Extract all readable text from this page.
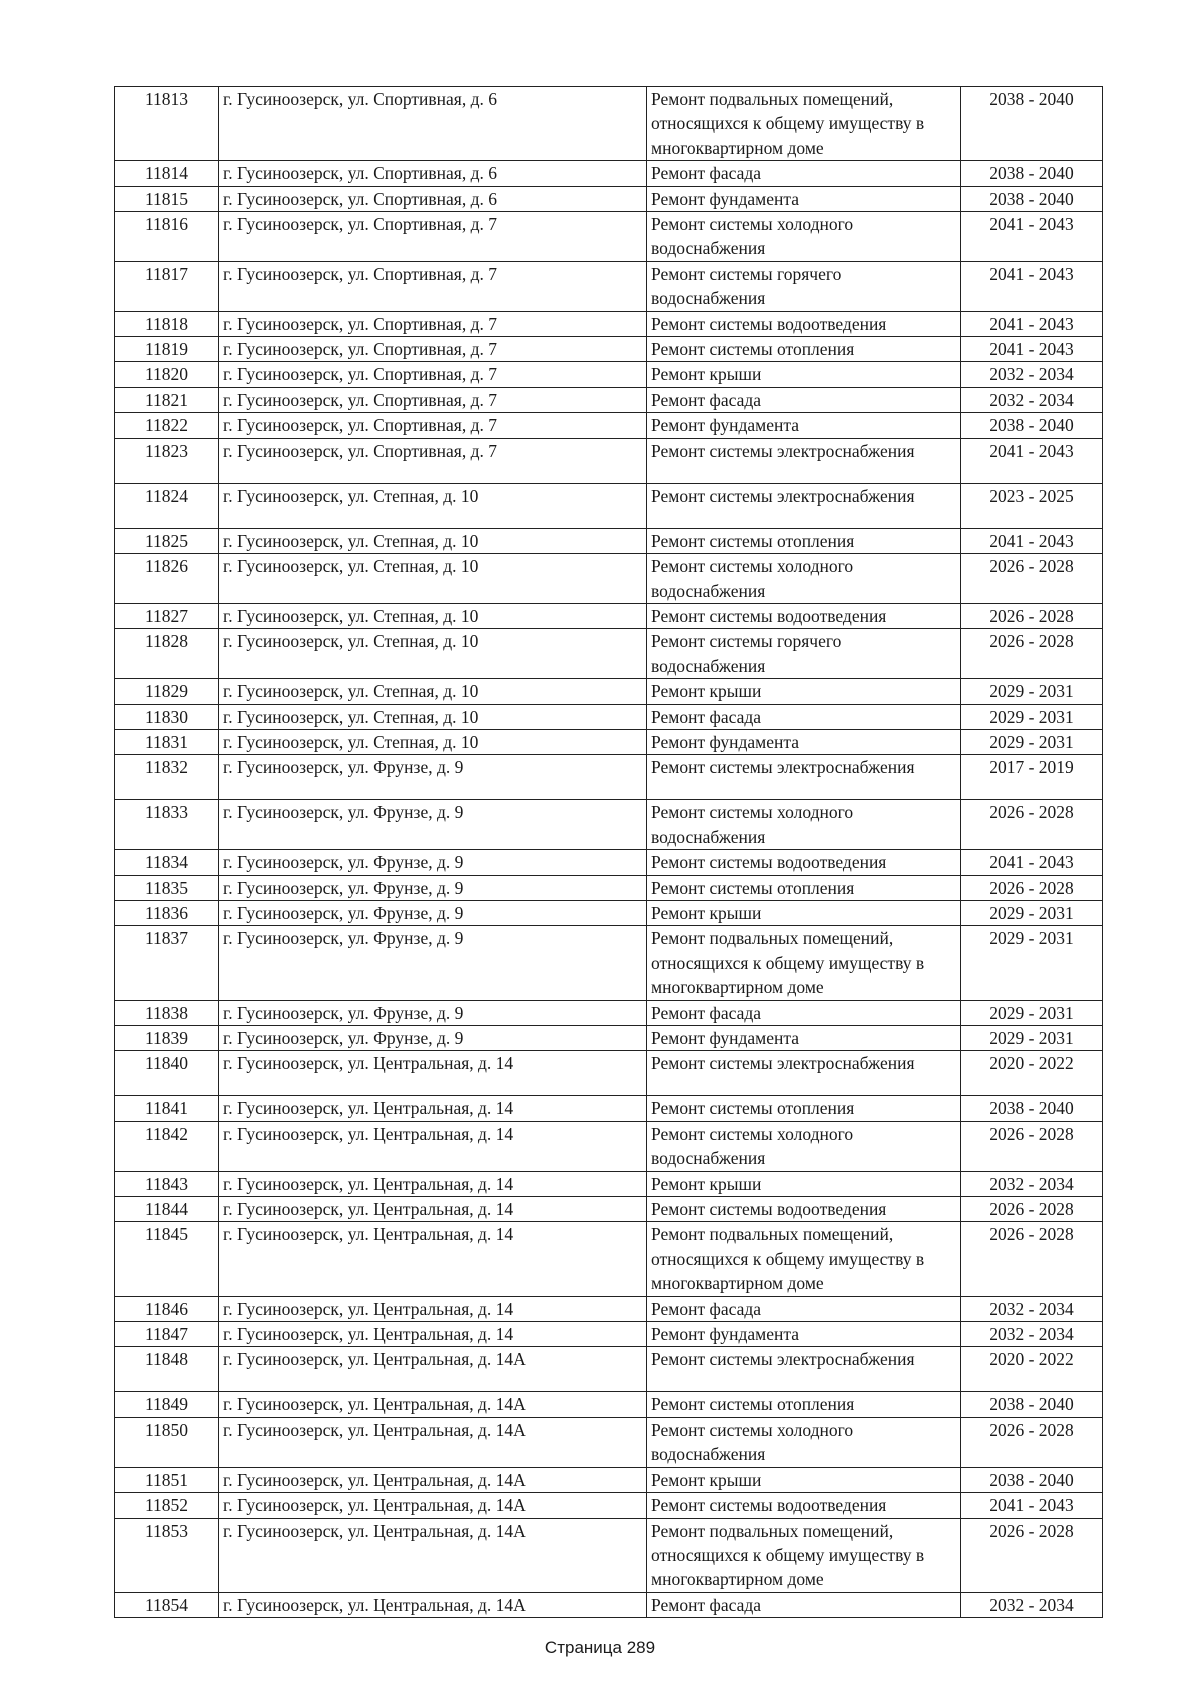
11813	г. Гусиноозерск, ул. Спортивная, д. 6	Ремонт подвальных помещений, относящихся к общему имуществу в многоквартирном доме	2038 - 2040
11814	г. Гусиноозерск, ул. Спортивная, д. 6	Ремонт фасада	2038 - 2040
11815	г. Гусиноозерск, ул. Спортивная, д. 6	Ремонт фундамента	2038 - 2040
11816	г. Гусиноозерск, ул. Спортивная, д. 7	Ремонт системы холодного водоснабжения	2041 - 2043
11817	г. Гусиноозерск, ул. Спортивная, д. 7	Ремонт системы горячего водоснабжения	2041 - 2043
11818	г. Гусиноозерск, ул. Спортивная, д. 7	Ремонт системы водоотведения	2041 - 2043
11819	г. Гусиноозерск, ул. Спортивная, д. 7	Ремонт системы отопления	2041 - 2043
11820	г. Гусиноозерск, ул. Спортивная, д. 7	Ремонт крыши	2032 - 2034
11821	г. Гусиноозерск, ул. Спортивная, д. 7	Ремонт фасада	2032 - 2034
11822	г. Гусиноозерск, ул. Спортивная, д. 7	Ремонт фундамента	2038 - 2040
11823	г. Гусиноозерск, ул. Спортивная, д. 7	Ремонт системы электроснабжения	2041 - 2043
11824	г. Гусиноозерск, ул. Степная, д. 10	Ремонт системы электроснабжения	2023 - 2025
11825	г. Гусиноозерск, ул. Степная, д. 10	Ремонт системы отопления	2041 - 2043
11826	г. Гусиноозерск, ул. Степная, д. 10	Ремонт системы холодного водоснабжения	2026 - 2028
11827	г. Гусиноозерск, ул. Степная, д. 10	Ремонт системы водоотведения	2026 - 2028
11828	г. Гусиноозерск, ул. Степная, д. 10	Ремонт системы горячего водоснабжения	2026 - 2028
11829	г. Гусиноозерск, ул. Степная, д. 10	Ремонт крыши	2029 - 2031
11830	г. Гусиноозерск, ул. Степная, д. 10	Ремонт фасада	2029 - 2031
11831	г. Гусиноозерск, ул. Степная, д. 10	Ремонт фундамента	2029 - 2031
11832	г. Гусиноозерск, ул. Фрунзе, д. 9	Ремонт системы электроснабжения	2017 - 2019
11833	г. Гусиноозерск, ул. Фрунзе, д. 9	Ремонт системы холодного водоснабжения	2026 - 2028
11834	г. Гусиноозерск, ул. Фрунзе, д. 9	Ремонт системы водоотведения	2041 - 2043
11835	г. Гусиноозерск, ул. Фрунзе, д. 9	Ремонт системы отопления	2026 - 2028
11836	г. Гусиноозерск, ул. Фрунзе, д. 9	Ремонт крыши	2029 - 2031
11837	г. Гусиноозерск, ул. Фрунзе, д. 9	Ремонт подвальных помещений, относящихся к общему имуществу в многоквартирном доме	2029 - 2031
11838	г. Гусиноозерск, ул. Фрунзе, д. 9	Ремонт фасада	2029 - 2031
11839	г. Гусиноозерск, ул. Фрунзе, д. 9	Ремонт фундамента	2029 - 2031
11840	г. Гусиноозерск, ул. Центральная, д. 14	Ремонт системы электроснабжения	2020 - 2022
11841	г. Гусиноозерск, ул. Центральная, д. 14	Ремонт системы отопления	2038 - 2040
11842	г. Гусиноозерск, ул. Центральная, д. 14	Ремонт системы холодного водоснабжения	2026 - 2028
11843	г. Гусиноозерск, ул. Центральная, д. 14	Ремонт крыши	2032 - 2034
11844	г. Гусиноозерск, ул. Центральная, д. 14	Ремонт системы водоотведения	2026 - 2028
11845	г. Гусиноозерск, ул. Центральная, д. 14	Ремонт подвальных помещений, относящихся к общему имуществу в многоквартирном доме	2026 - 2028
11846	г. Гусиноозерск, ул. Центральная, д. 14	Ремонт фасада	2032 - 2034
11847	г. Гусиноозерск, ул. Центральная, д. 14	Ремонт фундамента	2032 - 2034
11848	г. Гусиноозерск, ул. Центральная, д. 14А	Ремонт системы электроснабжения	2020 - 2022
11849	г. Гусиноозерск, ул. Центральная, д. 14А	Ремонт системы отопления	2038 - 2040
11850	г. Гусиноозерск, ул. Центральная, д. 14А	Ремонт системы холодного водоснабжения	2026 - 2028
11851	г. Гусиноозерск, ул. Центральная, д. 14А	Ремонт крыши	2038 - 2040
11852	г. Гусиноозерск, ул. Центральная, д. 14А	Ремонт системы водоотведения	2041 - 2043
11853	г. Гусиноозерск, ул. Центральная, д. 14А	Ремонт подвальных помещений, относящихся к общему имуществу в многоквартирном доме	2026 - 2028
11854	г. Гусиноозерск, ул. Центральная, д. 14А	Ремонт фасада	2032 - 2034
Страница 289
